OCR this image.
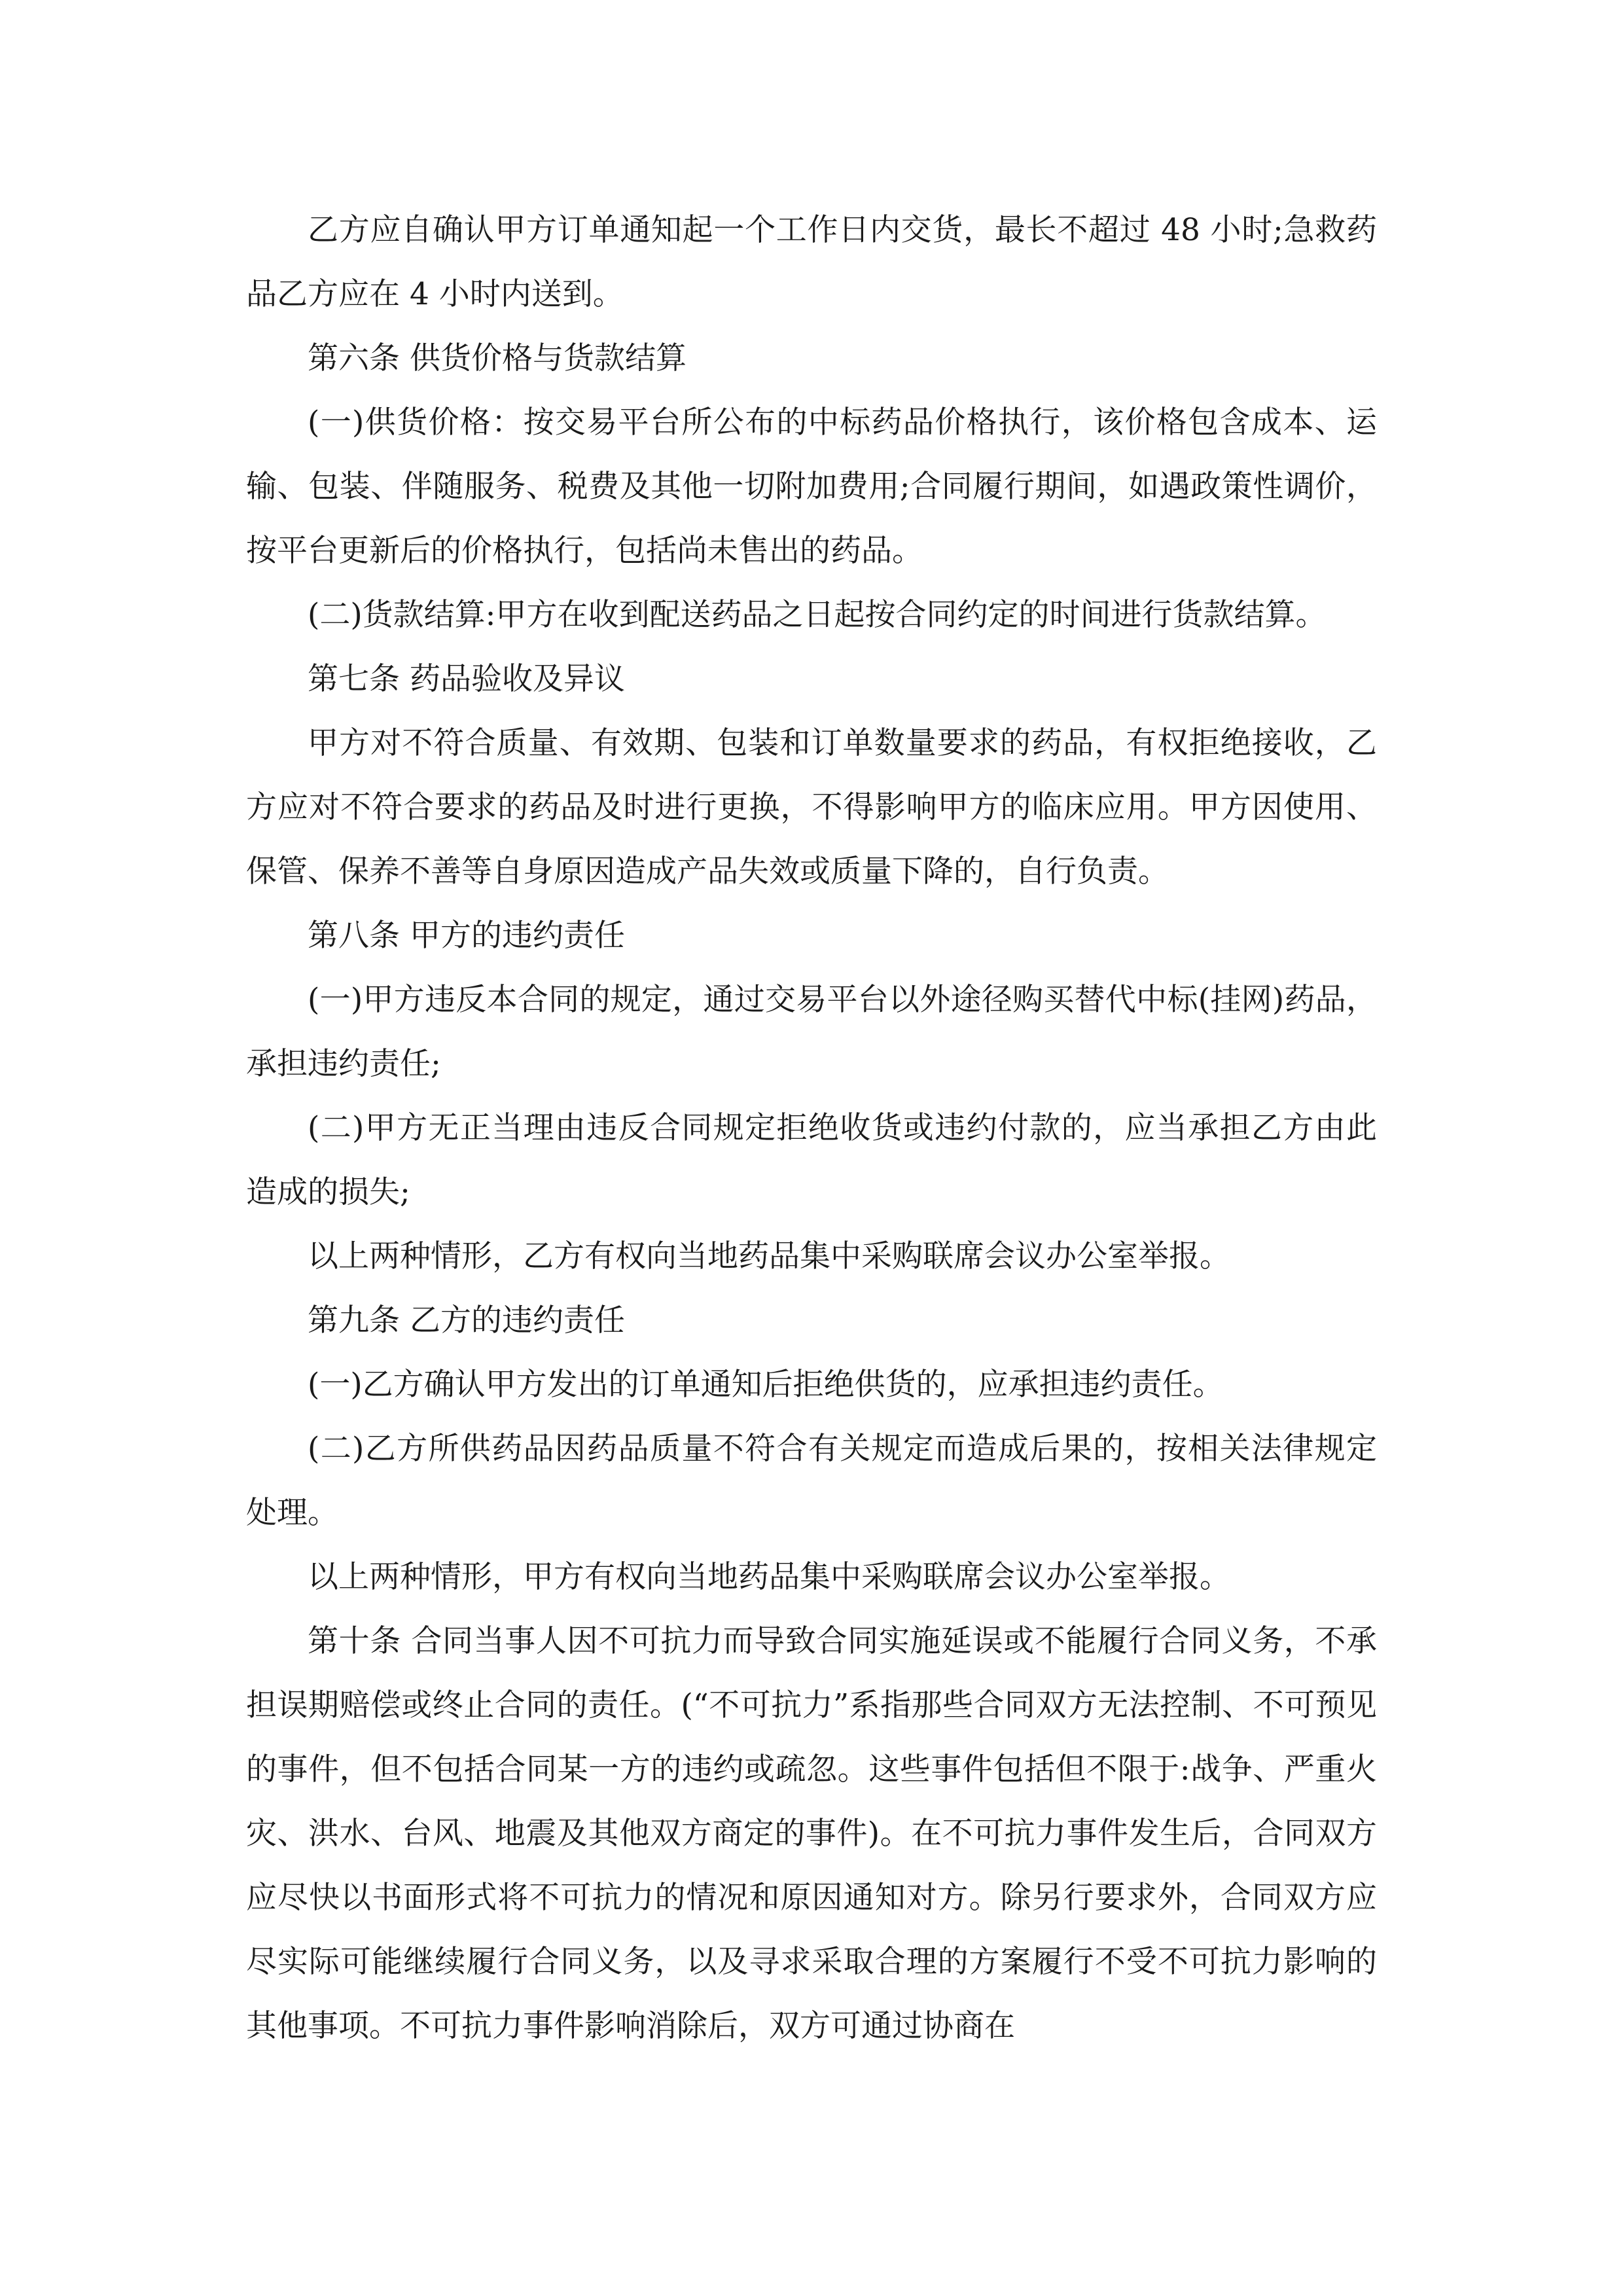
乙方应自确认甲方订单通知起一个工作日内交货，最长不超过 48 小时;急救药品乙方应在 4 小时内送到。

第六条 供货价格与货款结算

(一)供货价格：按交易平台所公布的中标药品价格执行，该价格包含成本、运输、包装、伴随服务、税费及其他一切附加费用;合同履行期间，如遇政策性调价，按平台更新后的价格执行，包括尚未售出的药品。

(二)货款结算:甲方在收到配送药品之日起按合同约定的时间进行货款结算。

第七条 药品验收及异议

甲方对不符合质量、有效期、包装和订单数量要求的药品，有权拒绝接收，乙方应对不符合要求的药品及时进行更换，不得影响甲方的临床应用。甲方因使用、保管、保养不善等自身原因造成产品失效或质量下降的，自行负责。

第八条 甲方的违约责任

(一)甲方违反本合同的规定，通过交易平台以外途径购买替代中标(挂网)药品，承担违约责任;

(二)甲方无正当理由违反合同规定拒绝收货或违约付款的，应当承担乙方由此造成的损失;

以上两种情形，乙方有权向当地药品集中采购联席会议办公室举报。

第九条 乙方的违约责任

(一)乙方确认甲方发出的订单通知后拒绝供货的，应承担违约责任。

(二)乙方所供药品因药品质量不符合有关规定而造成后果的，按相关法律规定处理。

以上两种情形，甲方有权向当地药品集中采购联席会议办公室举报。

第十条 合同当事人因不可抗力而导致合同实施延误或不能履行合同义务，不承担误期赔偿或终止合同的责任。(“不可抗力”系指那些合同双方无法控制、不可预见的事件，但不包括合同某一方的违约或疏忽。这些事件包括但不限于:战争、严重火灾、洪水、台风、地震及其他双方商定的事件)。在不可抗力事件发生后，合同双方应尽快以书面形式将不可抗力的情况和原因通知对方。除另行要求外，合同双方应尽实际可能继续履行合同义务，以及寻求采取合理的方案履行不受不可抗力影响的其他事项。不可抗力事件影响消除后，双方可通过协商在
